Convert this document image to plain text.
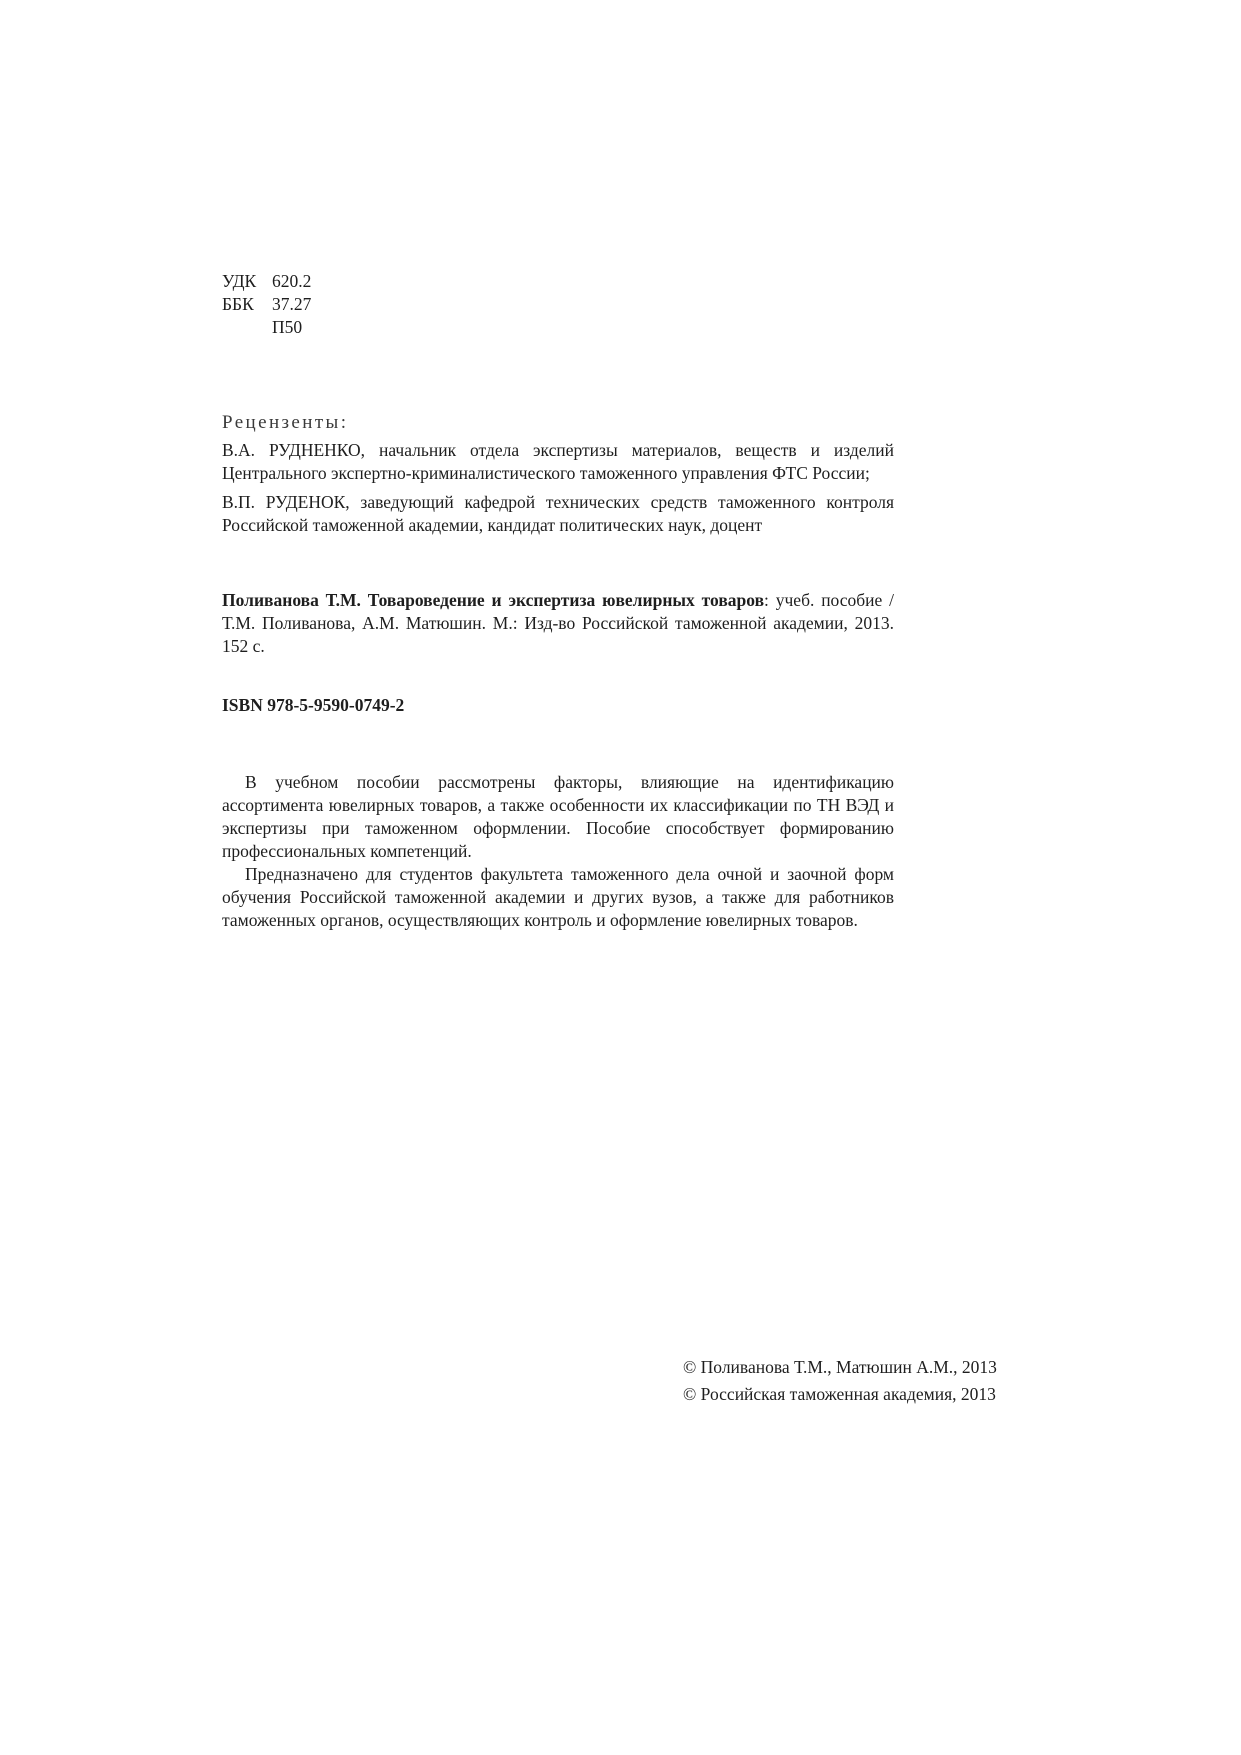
УДК 620.2
ББК	37.27
П50
Рецензенты:

В.А. РУДНЕНКО, начальник отдела экспертизы материалов, веществ и изделий Центрального экспертно-криминалистического таможенного управления ФТС России;

В.П. РУДЕНОК, заведующий кафедрой технических средств таможенного контроля Российской таможенной академии, кандидат политических наук, доцент

Поливанова Т.М. Товароведение и экспертиза ювелирных товаров: учеб. пособие / Т.М. Поливанова, А.М. Матюшин. М.: Изд-во Российской таможенной академии, 2013. 152 с.

ISBN 978-5-9590-0749-2

В учебном пособии рассмотрены факторы, влияющие на идентификацию ассортимента ювелирных товаров, а также особенности их классификации по ТН ВЭД и экспертизы при таможенном оформлении. Пособие способствует формированию профессиональных компетенций.

Предназначено для студентов факультета таможенного дела очной и заочной форм обучения Российской таможенной академии и других вузов, а также для работников таможенных органов, осуществляющих контроль и оформление ювелирных товаров.

© Поливанова Т.М., Матюшин А.М., 2013
© Российская таможенная академия, 2013
